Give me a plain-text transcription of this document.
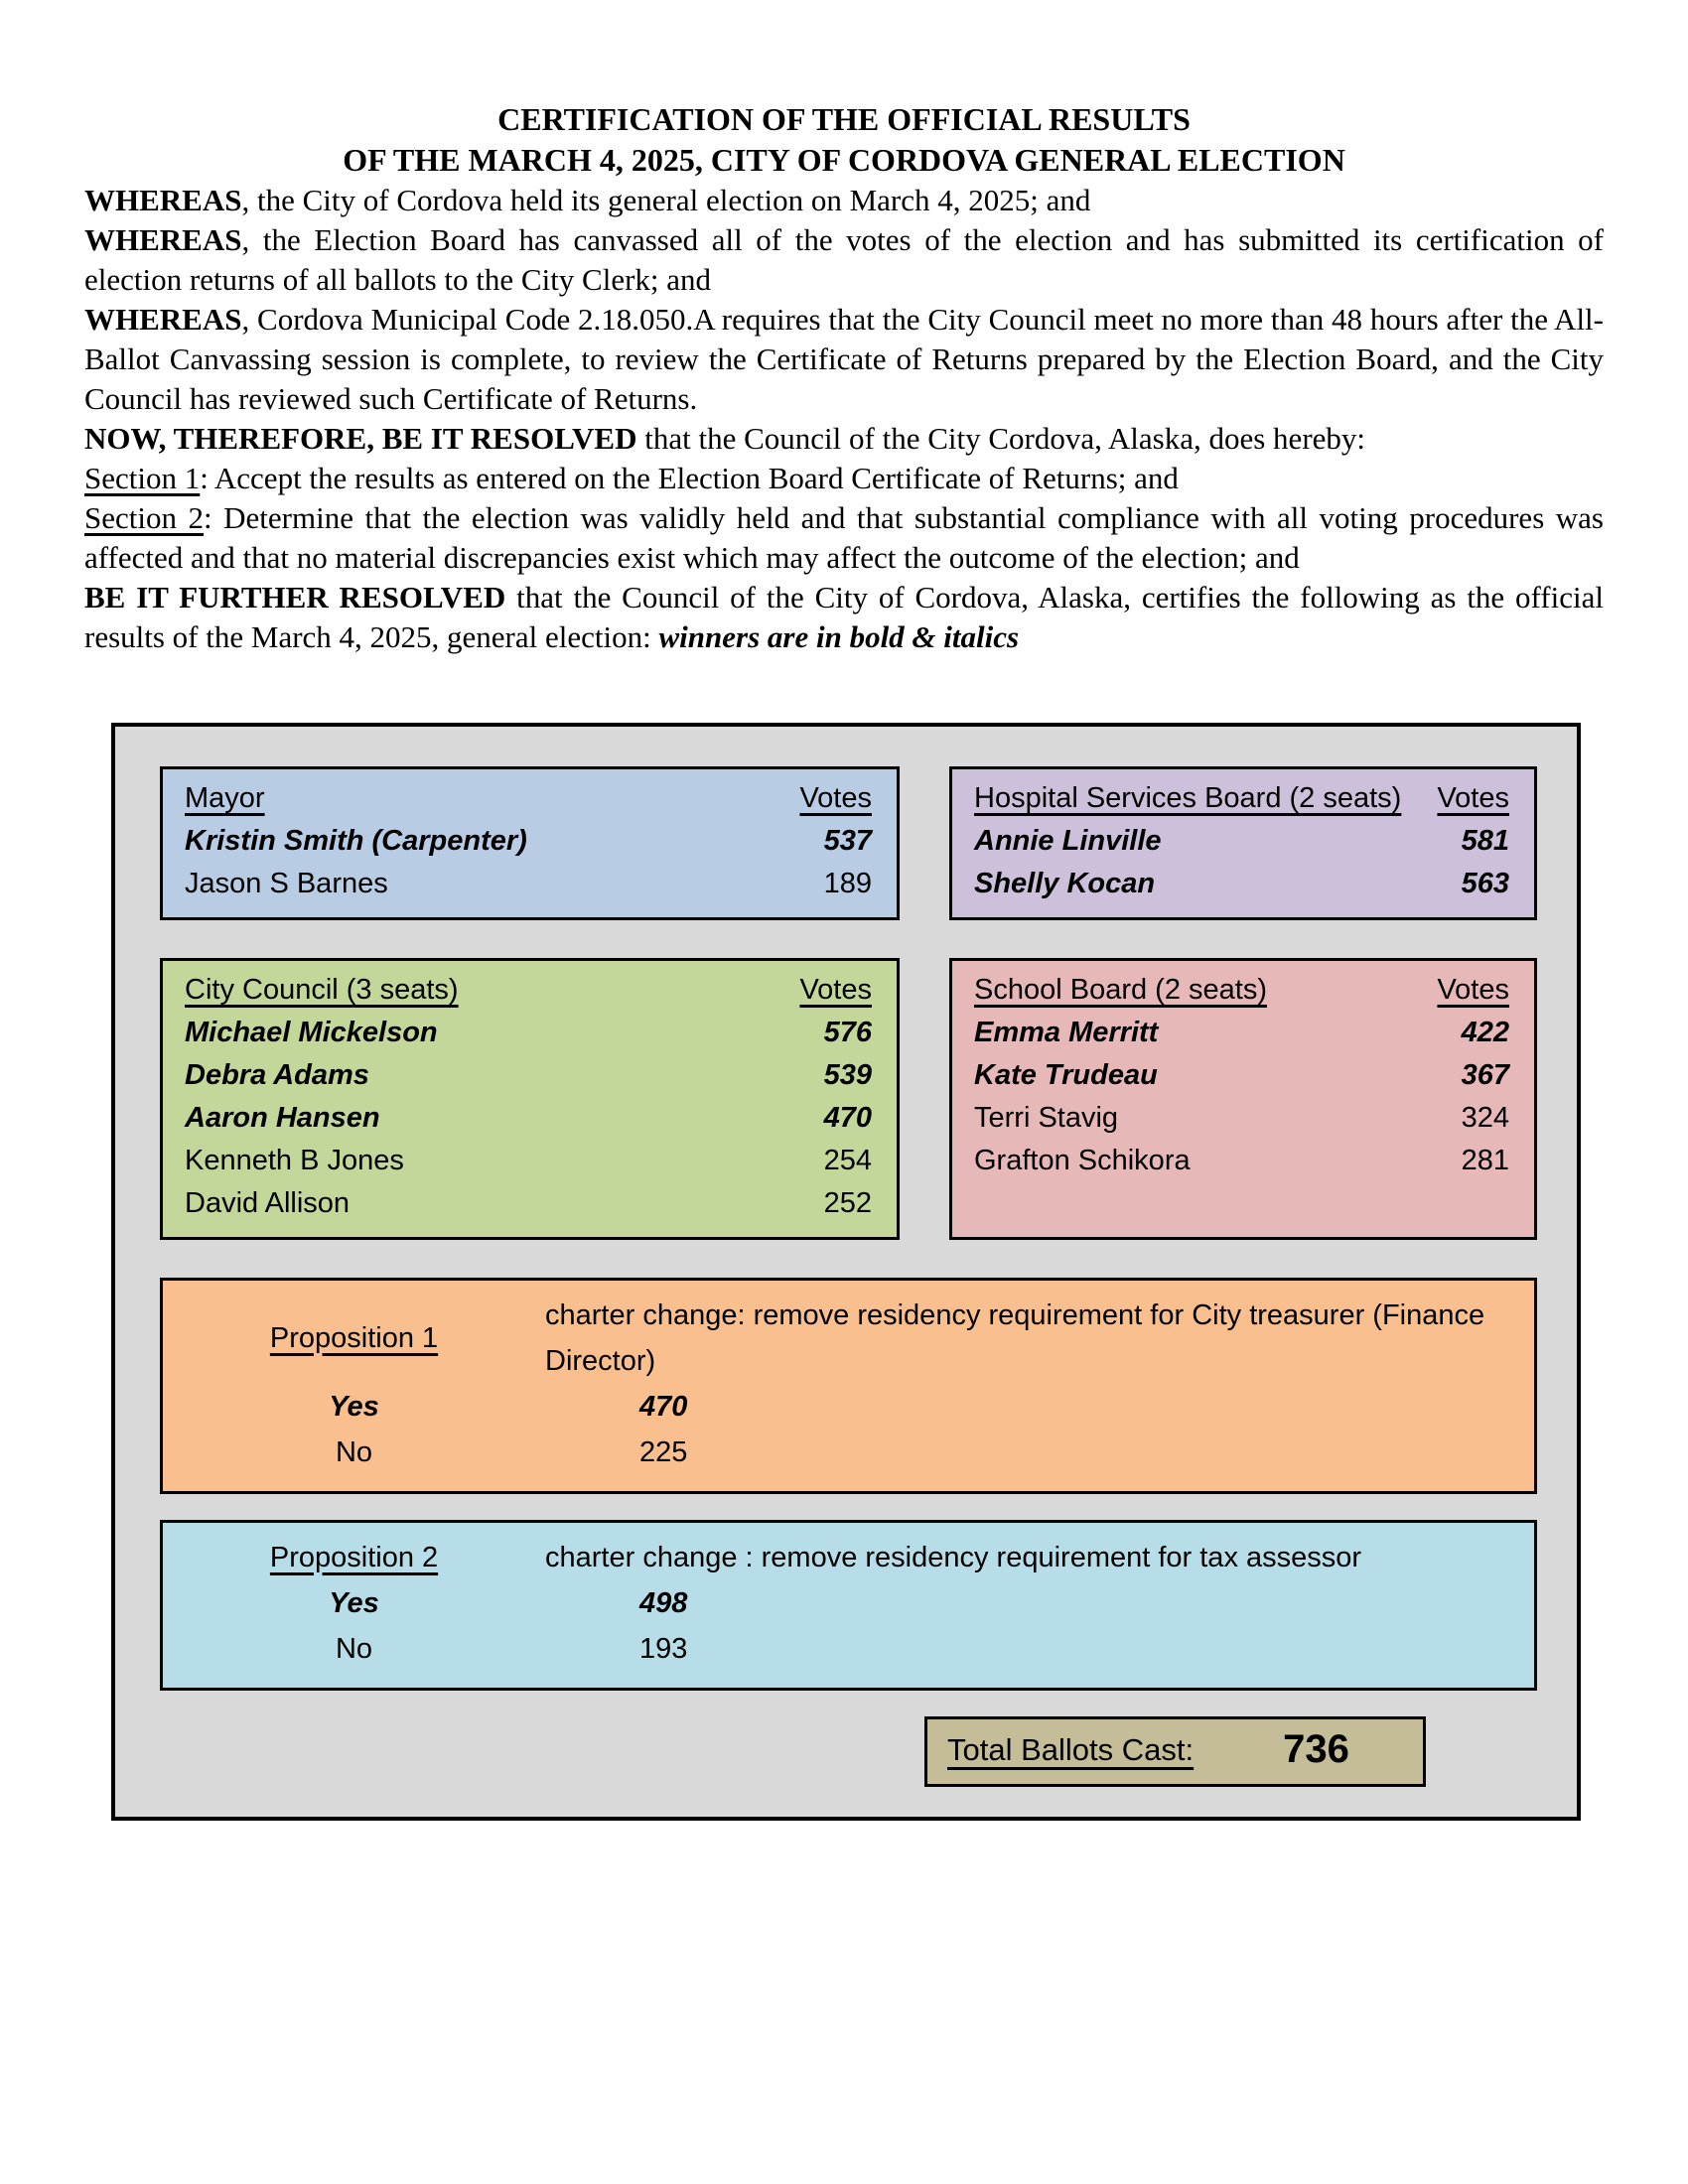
CERTIFICATION OF THE OFFICIAL RESULTS
OF THE MARCH 4, 2025, CITY OF CORDOVA GENERAL ELECTION

WHEREAS, the City of Cordova held its general election on March 4, 2025; and

WHEREAS, the Election Board has canvassed all of the votes of the election and has submitted its certification of election returns of all ballots to the City Clerk; and

WHEREAS, Cordova Municipal Code 2.18.050.A requires that the City Council meet no more than 48 hours after the All-Ballot Canvassing session is complete, to review the Certificate of Returns prepared by the Election Board, and the City Council has reviewed such Certificate of Returns.

NOW, THEREFORE, BE IT RESOLVED that the Council of the City Cordova, Alaska, does hereby:

Section 1: Accept the results as entered on the Election Board Certificate of Returns; and

Section 2: Determine that the election was validly held and that substantial compliance with all voting procedures was affected and that no material discrepancies exist which may affect the outcome of the election; and

BE IT FURTHER RESOLVED that the Council of the City of Cordova, Alaska, certifies the following as the official results of the March 4, 2025, general election: winners are in bold & italics

Mayor	Votes
Kristin Smith (Carpenter)	537
Jason S Barnes	189
Hospital Services Board (2 seats) Votes
Annie Linville	581
Shelly Kocan	563
City Council (3 seats)	Votes
Michael Mickelson	576
Debra Adams	539
Aaron Hansen	470
Kenneth B Jones	254
David Allison	252
School Board (2 seats)	Votes
Emma Merritt	422
Kate Trudeau	367
Terri Stavig	324
Grafton Schikora	281
Proposition 1
charter change: remove residency requirement for City treasurer (Finance Director)
Yes	470
No	225
Proposition 2	charter change : remove residency requirement for tax assessor
Yes	498
No	193
Total Ballots Cast: 736
